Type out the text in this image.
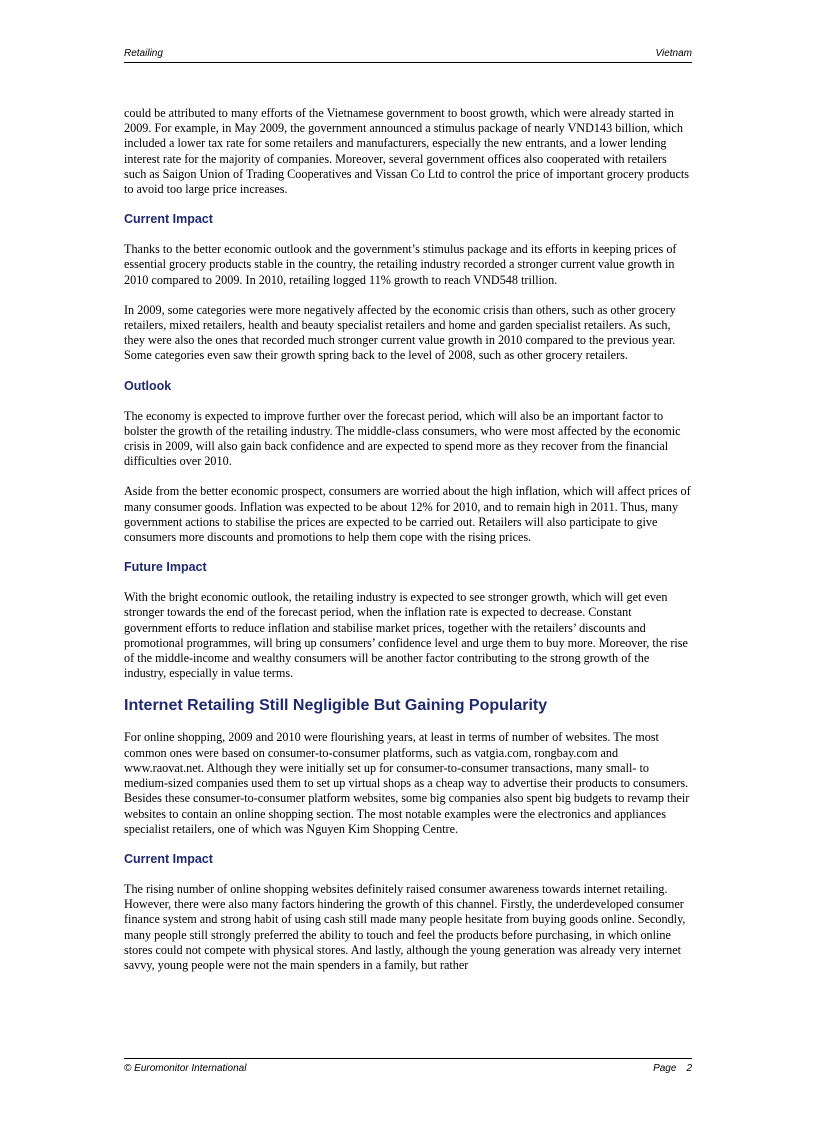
Retailing	Vietnam

could be attributed to many efforts of the Vietnamese government to boost growth, which were already started in 2009. For example, in May 2009, the government announced a stimulus package of nearly VND143 billion, which included a lower tax rate for some retailers and manufacturers, especially the new entrants, and a lower lending interest rate for the majority of companies. Moreover, several government offices also cooperated with retailers such as Saigon Union of Trading Cooperatives and Vissan Co Ltd to control the price of important grocery products to avoid too large price increases.

Current Impact

Thanks to the better economic outlook and the government’s stimulus package and its efforts in keeping prices of essential grocery products stable in the country, the retailing industry recorded a stronger current value growth in 2010 compared to 2009. In 2010, retailing logged 11% growth to reach VND548 trillion.

In 2009, some categories were more negatively affected by the economic crisis than others, such as other grocery retailers, mixed retailers, health and beauty specialist retailers and home and garden specialist retailers. As such, they were also the ones that recorded much stronger current value growth in 2010 compared to the previous year. Some categories even saw their growth spring back to the level of 2008, such as other grocery retailers.

Outlook

The economy is expected to improve further over the forecast period, which will also be an important factor to bolster the growth of the retailing industry. The middle-class consumers, who were most affected by the economic crisis in 2009, will also gain back confidence and are expected to spend more as they recover from the financial difficulties over 2010.

Aside from the better economic prospect, consumers are worried about the high inflation, which will affect prices of many consumer goods. Inflation was expected to be about 12% for 2010, and to remain high in 2011. Thus, many government actions to stabilise the prices are expected to be carried out. Retailers will also participate to give consumers more discounts and promotions to help them cope with the rising prices.

Future Impact

With the bright economic outlook, the retailing industry is expected to see stronger growth, which will get even stronger towards the end of the forecast period, when the inflation rate is expected to decrease. Constant government efforts to reduce inflation and stabilise market prices, together with the retailers’ discounts and promotional programmes, will bring up consumers’ confidence level and urge them to buy more. Moreover, the rise of the middle-income and wealthy consumers will be another factor contributing to the strong growth of the industry, especially in value terms.

Internet Retailing Still Negligible But Gaining Popularity

For online shopping, 2009 and 2010 were flourishing years, at least in terms of number of websites. The most common ones were based on consumer-to-consumer platforms, such as vatgia.com, rongbay.com and www.raovat.net. Although they were initially set up for consumer-to-consumer transactions, many small- to medium-sized companies used them to set up virtual shops as a cheap way to advertise their products to consumers. Besides these consumer-to-consumer platform websites, some big companies also spent big budgets to revamp their websites to contain an online shopping section. The most notable examples were the electronics and appliances specialist retailers, one of which was Nguyen Kim Shopping Centre.

Current Impact

The rising number of online shopping websites definitely raised consumer awareness towards internet retailing. However, there were also many factors hindering the growth of this channel. Firstly, the underdeveloped consumer finance system and strong habit of using cash still made many people hesitate from buying goods online. Secondly, many people still strongly preferred the ability to touch and feel the products before purchasing, in which online stores could not compete with physical stores. And lastly, although the young generation was already very internet savvy, young people were not the main spenders in a family, but rather

© Euromonitor International	Page 2
